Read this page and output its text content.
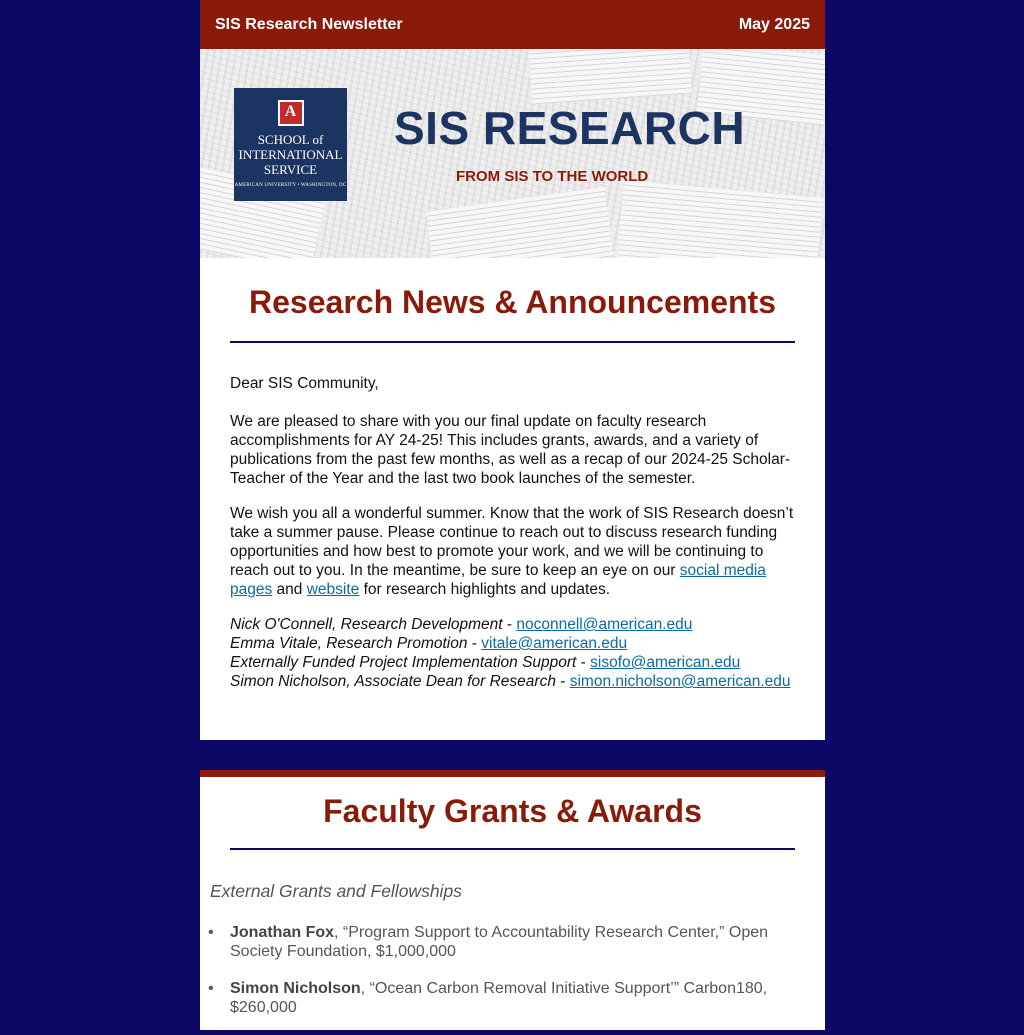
SIS Research Newsletter	May 2025
A
SCHOOL of
INTERNATIONAL
SERVICE
AMERICAN UNIVERSITY • WASHINGTON, DC
SIS RESEARCH
FROM SIS TO THE WORLD
Research News & Announcements

Dear SIS Community,

We are pleased to share with you our final update on faculty research accomplishments for AY 24-25! This includes grants, awards, and a variety of publications from the past few months, as well as a recap of our 2024-25 Scholar-Teacher of the Year and the last two book launches of the semester.

We wish you all a wonderful summer. Know that the work of SIS Research doesn’t take a summer pause. Please continue to reach out to discuss research funding opportunities and how best to promote your work, and we will be continuing to reach out to you. In the meantime, be sure to keep an eye on our social media pages and website for research highlights and updates.

Nick O'Connell, Research Development - noconnell@american.edu
Emma Vitale, Research Promotion - vitale@american.edu
Externally Funded Project Implementation Support - sisofo@american.edu
Simon Nicholson, Associate Dean for Research - simon.nicholson@american.edu

Faculty Grants & Awards
External Grants and Fellowships
• Jonathan Fox, “Program Support to Accountability Research Center,” Open Society Foundation, $1,000,000
• Simon Nicholson, “Ocean Carbon Removal Initiative Support’” Carbon180, $260,000
